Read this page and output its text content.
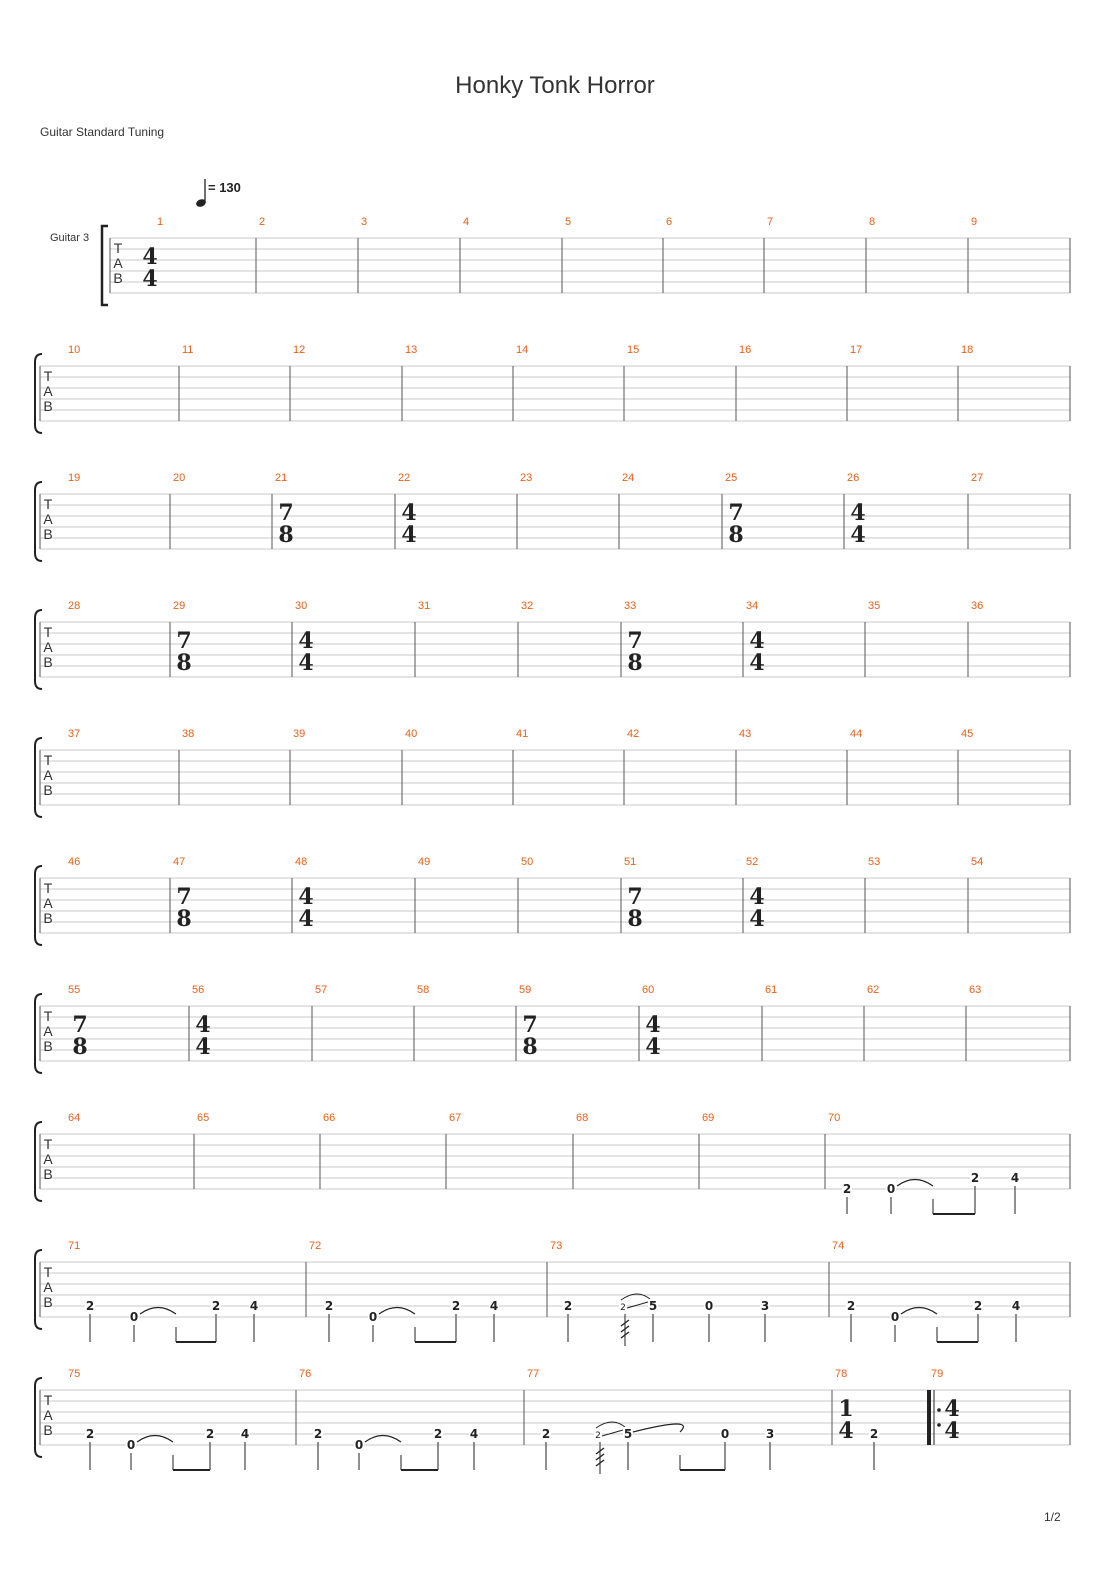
Honky Tonk Horror
Guitar Standard Tuning
= 130
Guitar 3
T
A
B
1
4
4
2	3	4	5	6	7	8	9
T
A
B
10	11	12	13	14	15	16	17	18
T
A
B
19	20	21
7
8
22
4
4
23	24	25
7
8
26
4
4
27
T
A
B
28	29
7
8
30
4
4
31	32	33
7
8
34
4
4
35	36
T
A
B
37	38	39	40	41	42	43	44	45
T
A
B
46	47
7
8
48
4
4
49	50	51
7
8
52
4
4
53	54
T
A
B
55
7
8
56
4
4
57	58	59
7
8
60
4
4
61	62	63
T
A
B
64	65	66	67	68	69	70
2	0
2	4
T
A
B
71	72	73	74
2
0
2 4	2
0
2 4	2	2 5	0	3	2
0
2 4
T
A
B
75	76	77	78
1
4
79
4
4
2
0
2 4	2
0
2 4	2	2 5	0	3	2
1/2
